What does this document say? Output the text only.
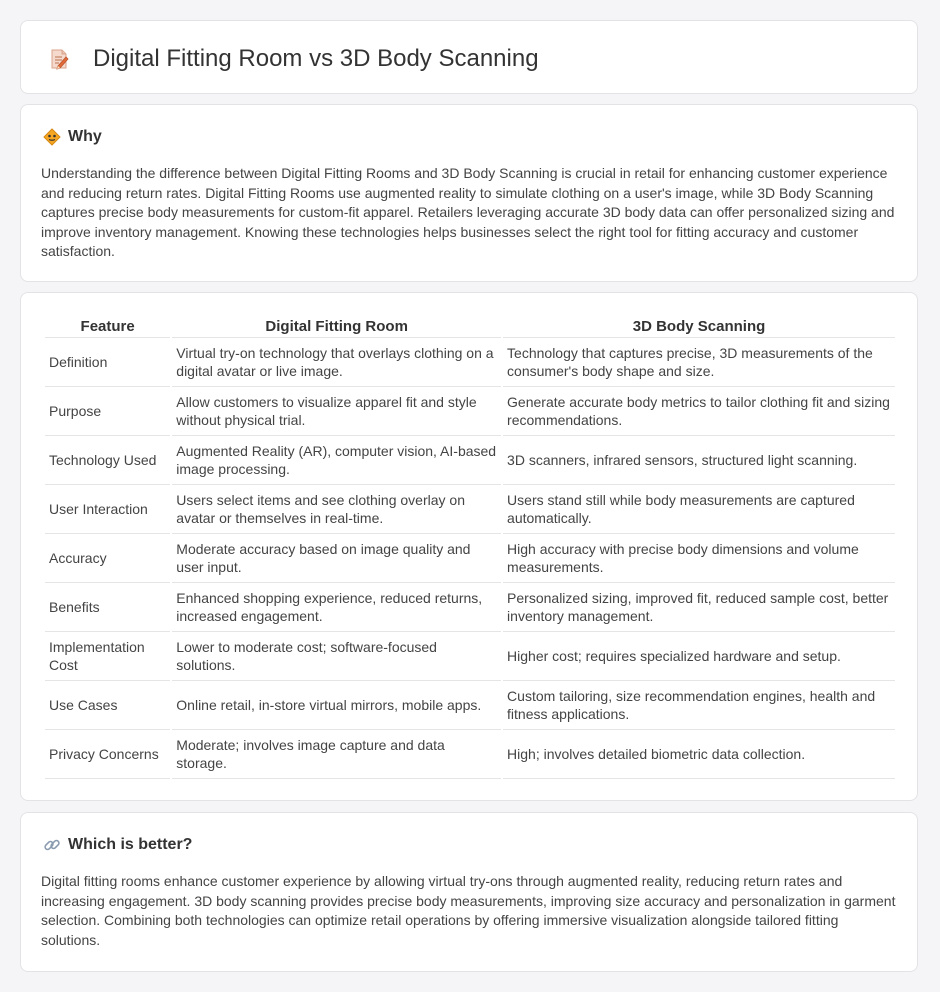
Digital Fitting Room vs 3D Body Scanning
Why

Understanding the difference between Digital Fitting Rooms and 3D Body Scanning is crucial in retail for enhancing customer experience and reducing return rates. Digital Fitting Rooms use augmented reality to simulate clothing on a user's image, while 3D Body Scanning captures precise body measurements for custom-fit apparel. Retailers leveraging accurate 3D body data can offer personalized sizing and improve inventory management. Knowing these technologies helps businesses select the right tool for fitting accuracy and customer satisfaction.

Feature	Digital Fitting Room	3D Body Scanning
Definition	Virtual try-on technology that overlays clothing on a digital avatar or live image.	Technology that captures precise, 3D measurements of the consumer's body shape and size.
Purpose	Allow customers to visualize apparel fit and style without physical trial.	Generate accurate body metrics to tailor clothing fit and sizing recommendations.
Technology Used	Augmented Reality (AR), computer vision, AI-based image processing.	3D scanners, infrared sensors, structured light scanning.
User Interaction	Users select items and see clothing overlay on avatar or themselves in real-time.	Users stand still while body measurements are captured automatically.
Accuracy	Moderate accuracy based on image quality and user input.	High accuracy with precise body dimensions and volume measurements.
Benefits	Enhanced shopping experience, reduced returns, increased engagement.	Personalized sizing, improved fit, reduced sample cost, better inventory management.
Implementation Cost	Lower to moderate cost; software-focused solutions.	Higher cost; requires specialized hardware and setup.
Use Cases	Online retail, in-store virtual mirrors, mobile apps.	Custom tailoring, size recommendation engines, health and fitness applications.
Privacy Concerns	Moderate; involves image capture and data storage.	High; involves detailed biometric data collection.
Which is better?

Digital fitting rooms enhance customer experience by allowing virtual try-ons through augmented reality, reducing return rates and increasing engagement. 3D body scanning provides precise body measurements, improving size accuracy and personalization in garment selection. Combining both technologies can optimize retail operations by offering immersive visualization alongside tailored fitting solutions.
